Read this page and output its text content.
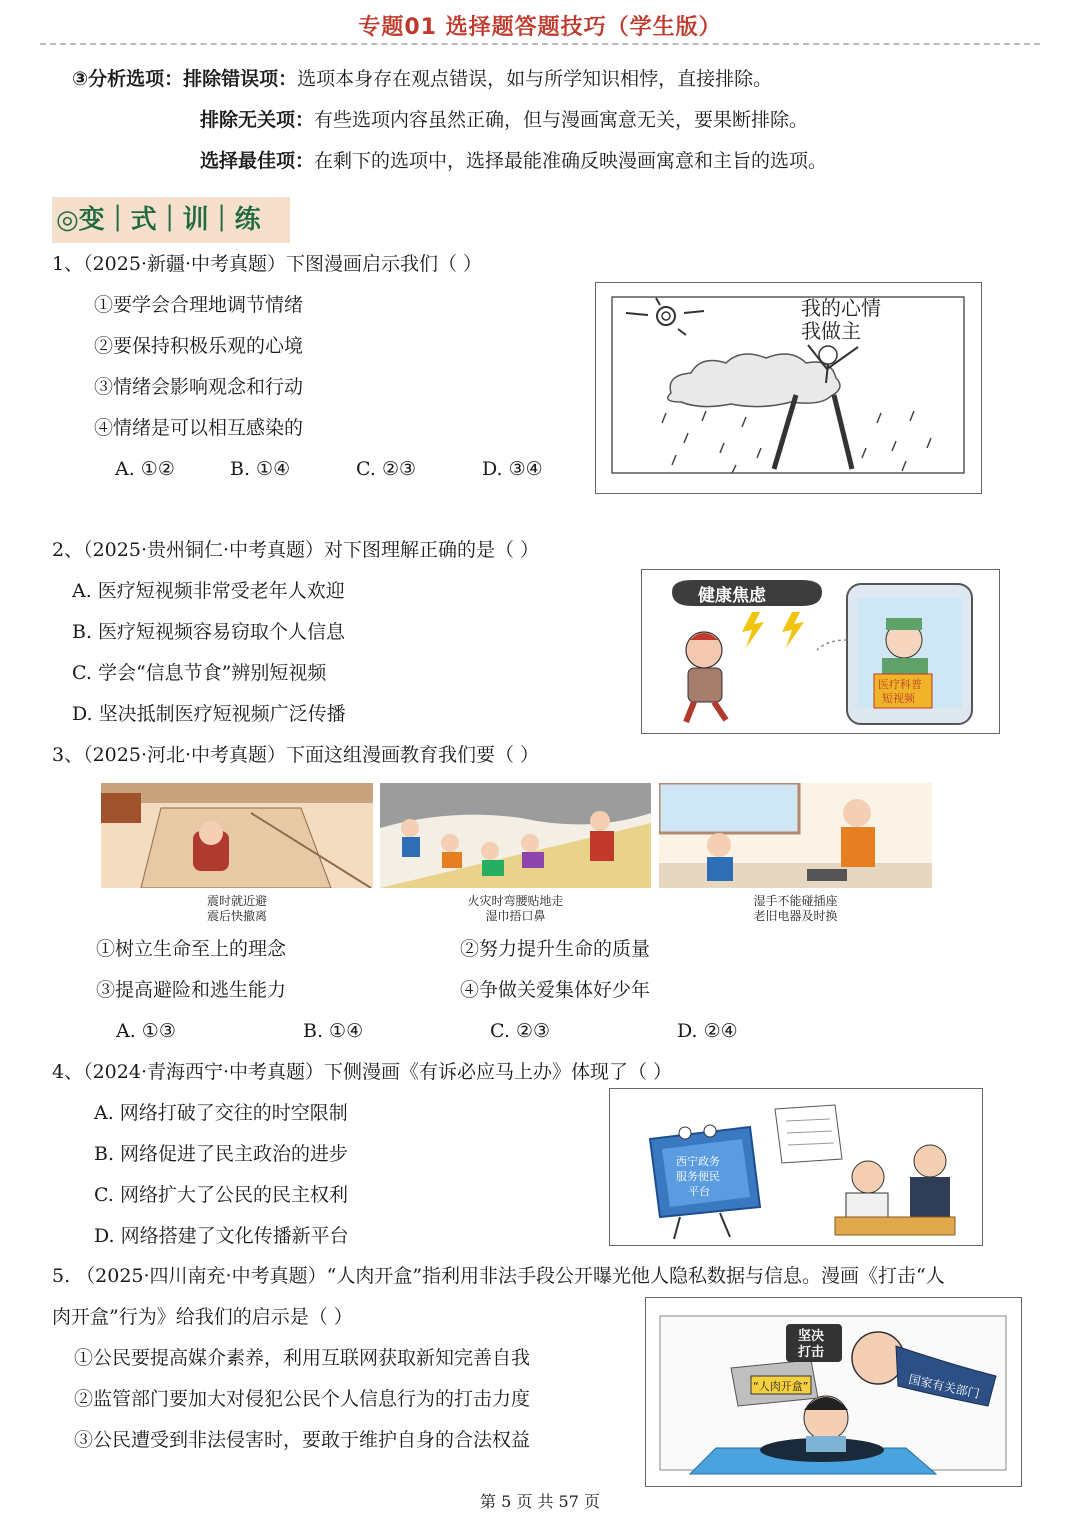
专题01 选择题答题技巧（学生版）
③分析选项：排除错误项：选项本身存在观点错误，如与所学知识相悖，直接排除。
排除无关项：有些选项内容虽然正确，但与漫画寓意无关，要果断排除。
选择最佳项：在剩下的选项中，选择最能准确反映漫画寓意和主旨的选项。
◎变｜式｜训｜练
1、（2025·新疆·中考真题）下图漫画启示我们（ ）
①要学会合理地调节情绪
②要保持积极乐观的心境
③情绪会影响观念和行动
④情绪是可以相互感染的
A. ①②	B. ①④	C. ②③	D. ③④
我的心情
我做主
2、（2025·贵州铜仁·中考真题）对下图理解正确的是（ ）
A. 医疗短视频非常受老年人欢迎
B. 医疗短视频容易窃取个人信息
C. 学会“信息节食”辨别短视频
D. 坚决抵制医疗短视频广泛传播
健康焦虑
医疗科普
短视频
3、（2025·河北·中考真题）下面这组漫画教育我们要（ ）
震时就近避
震后快撤离
火灾时弯腰贴地走
湿巾捂口鼻
湿手不能碰插座
老旧电器及时换
①树立生命至上的理念	②努力提升生命的质量
③提高避险和逃生能力	④争做关爱集体好少年
A. ①③	B. ①④	C. ②③	D. ②④
4、（2024·青海西宁·中考真题）下侧漫画《有诉必应马上办》体现了（ ）
A. 网络打破了交往的时空限制
B. 网络促进了民主政治的进步
C. 网络扩大了公民的民主权利
D. 网络搭建了文化传播新平台
西宁政务
服务便民
平台
5. （2025·四川南充·中考真题）“人肉开盒”指利用非法手段公开曝光他人隐私数据与信息。漫画《打击“人
肉开盒”行为》给我们的启示是（ ）
①公民要提高媒介素养，利用互联网获取新知完善自我
②监管部门要加大对侵犯公民个人信息行为的打击力度
③公民遭受到非法侵害时，要敢于维护自身的合法权益
“人肉开盒”
坚决
打击
国家有关部门
第 5 页 共 57 页
